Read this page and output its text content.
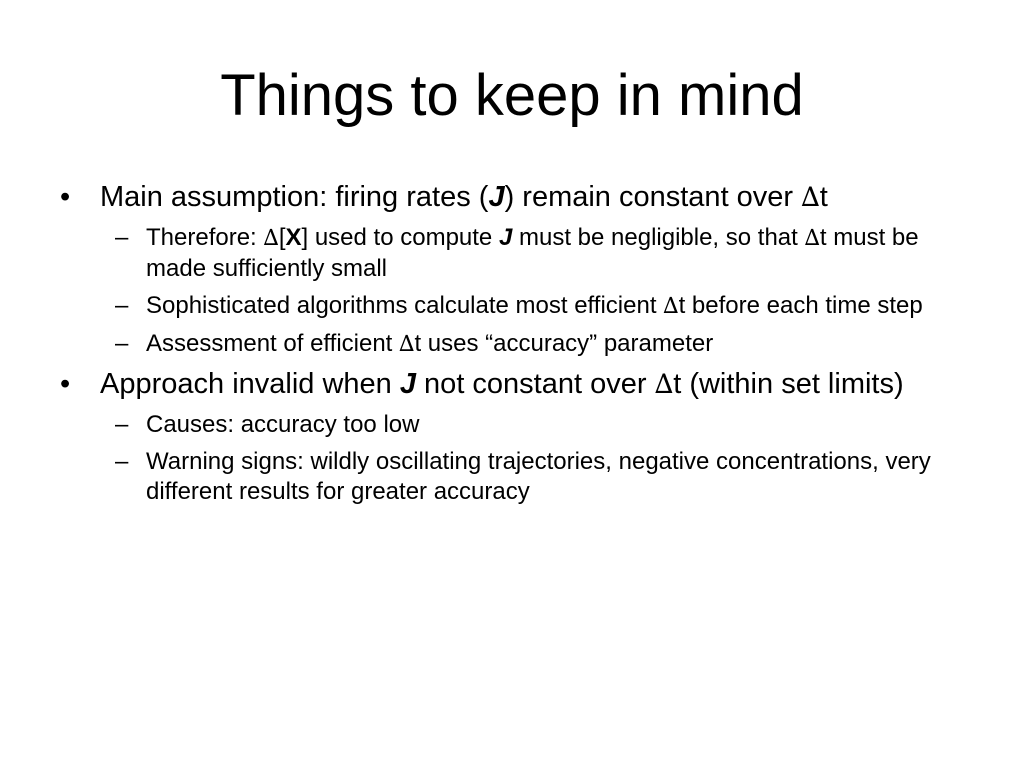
Things to keep in mind
• Main assumption: firing rates (J) remain constant over ∆t
– Therefore: ∆[X] used to compute J must be negligible, so that ∆t must be made sufficiently small
– Sophisticated algorithms calculate most efficient ∆t before each time step
– Assessment of efficient ∆t uses “accuracy” parameter
• Approach invalid when J not constant over ∆t (within set limits)
– Causes: accuracy too low
– Warning signs: wildly oscillating trajectories, negative concentrations, very different results for greater accuracy
